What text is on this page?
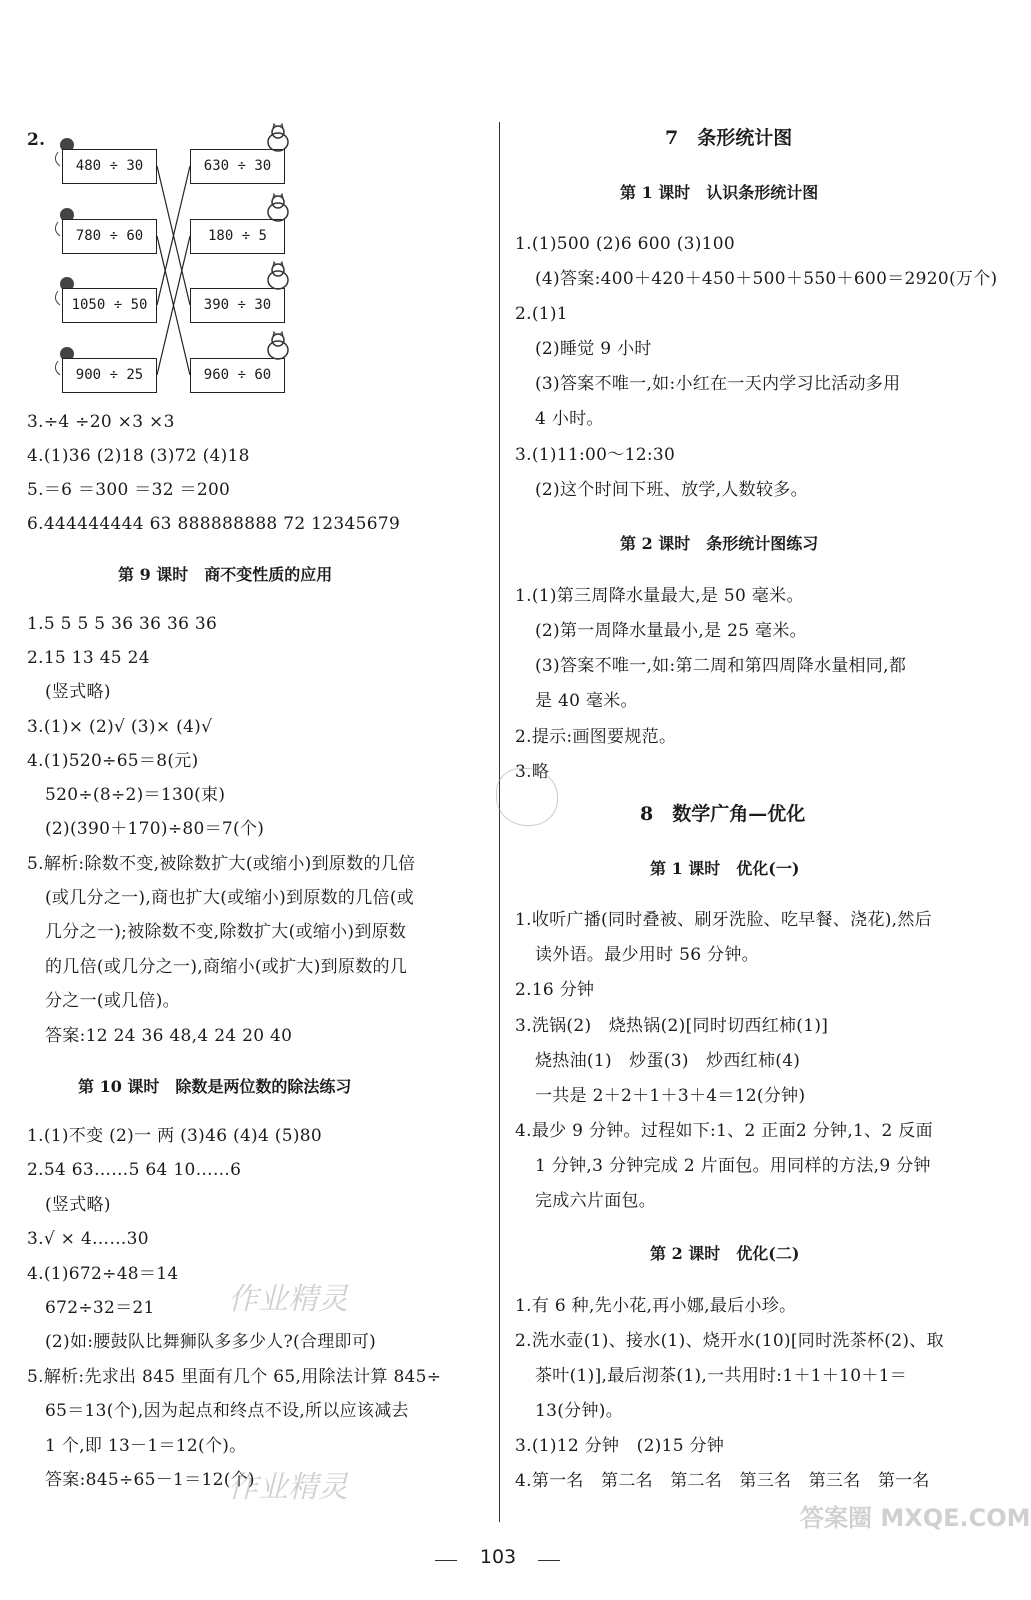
2.
480 ÷ 30
780 ÷ 60
1050 ÷ 50
900 ÷ 25
630 ÷ 30
180 ÷ 5
390 ÷ 30
960 ÷ 60
3.÷4 ÷20 ×3 ×3
4.(1)36 (2)18 (3)72 (4)18
5.＝6 ＝300 ＝32 ＝200
6.444444444 63 888888888 72 12345679
第 9 课时　商不变性质的应用
1.5 5 5 5 36 36 36 36
2.15 13 45 24
(竖式略)
3.(1)× (2)√ (3)× (4)√
4.(1)520÷65＝8(元)
520÷(8÷2)＝130(束)
(2)(390＋170)÷80＝7(个)
5.解析:除数不变,被除数扩大(或缩小)到原数的几倍
(或几分之一),商也扩大(或缩小)到原数的几倍(或
几分之一);被除数不变,除数扩大(或缩小)到原数
的几倍(或几分之一),商缩小(或扩大)到原数的几
分之一(或几倍)。
答案:12 24 36 48,4 24 20 40
第 10 课时　除数是两位数的除法练习
1.(1)不变 (2)一 两 (3)46 (4)4 (5)80
2.54 63……5 64 10……6
(竖式略)
3.√ × 4……30
4.(1)672÷48＝14
672÷32＝21
(2)如:腰鼓队比舞狮队多多少人?(合理即可)
5.解析:先求出 845 里面有几个 65,用除法计算 845÷
65＝13(个),因为起点和终点不设,所以应该减去
1 个,即 13－1＝12(个)。
答案:845÷65－1＝12(个)
作业精灵
作业精灵
7　条形统计图
第 1 课时　认识条形统计图
1.(1)500 (2)6 600 (3)100
(4)答案:400＋420＋450＋500＋550＋600＝2920(万个)
2.(1)1
(2)睡觉 9 小时
(3)答案不唯一,如:小红在一天内学习比活动多用
4 小时。
3.(1)11:00～12:30
(2)这个时间下班、放学,人数较多。
第 2 课时　条形统计图练习
1.(1)第三周降水量最大,是 50 毫米。
(2)第一周降水量最小,是 25 毫米。
(3)答案不唯一,如:第二周和第四周降水量相同,都
是 40 毫米。
2.提示:画图要规范。
3.略
8　数学广角—优化
第 1 课时　优化(一)
1.收听广播(同时叠被、刷牙洗脸、吃早餐、浇花),然后
读外语。最少用时 56 分钟。
2.16 分钟
3.洗锅(2)　烧热锅(2)[同时切西红柿(1)]
烧热油(1)　炒蛋(3)　炒西红柿(4)
一共是 2＋2＋1＋3＋4＝12(分钟)
4.最少 9 分钟。过程如下:1、2 正面2 分钟,1、2 反面
1 分钟,3 分钟完成 2 片面包。用同样的方法,9 分钟
完成六片面包。
第 2 课时　优化(二)
1.有 6 种,先小花,再小娜,最后小珍。
2.洗水壶(1)、接水(1)、烧开水(10)[同时洗茶杯(2)、取
茶叶(1)],最后沏茶(1),一共用时:1＋1＋10＋1＝
13(分钟)。
3.(1)12 分钟　(2)15 分钟
4.第一名　第二名　第二名　第三名　第三名　第一名
答案圈 MXQE.COM
103
